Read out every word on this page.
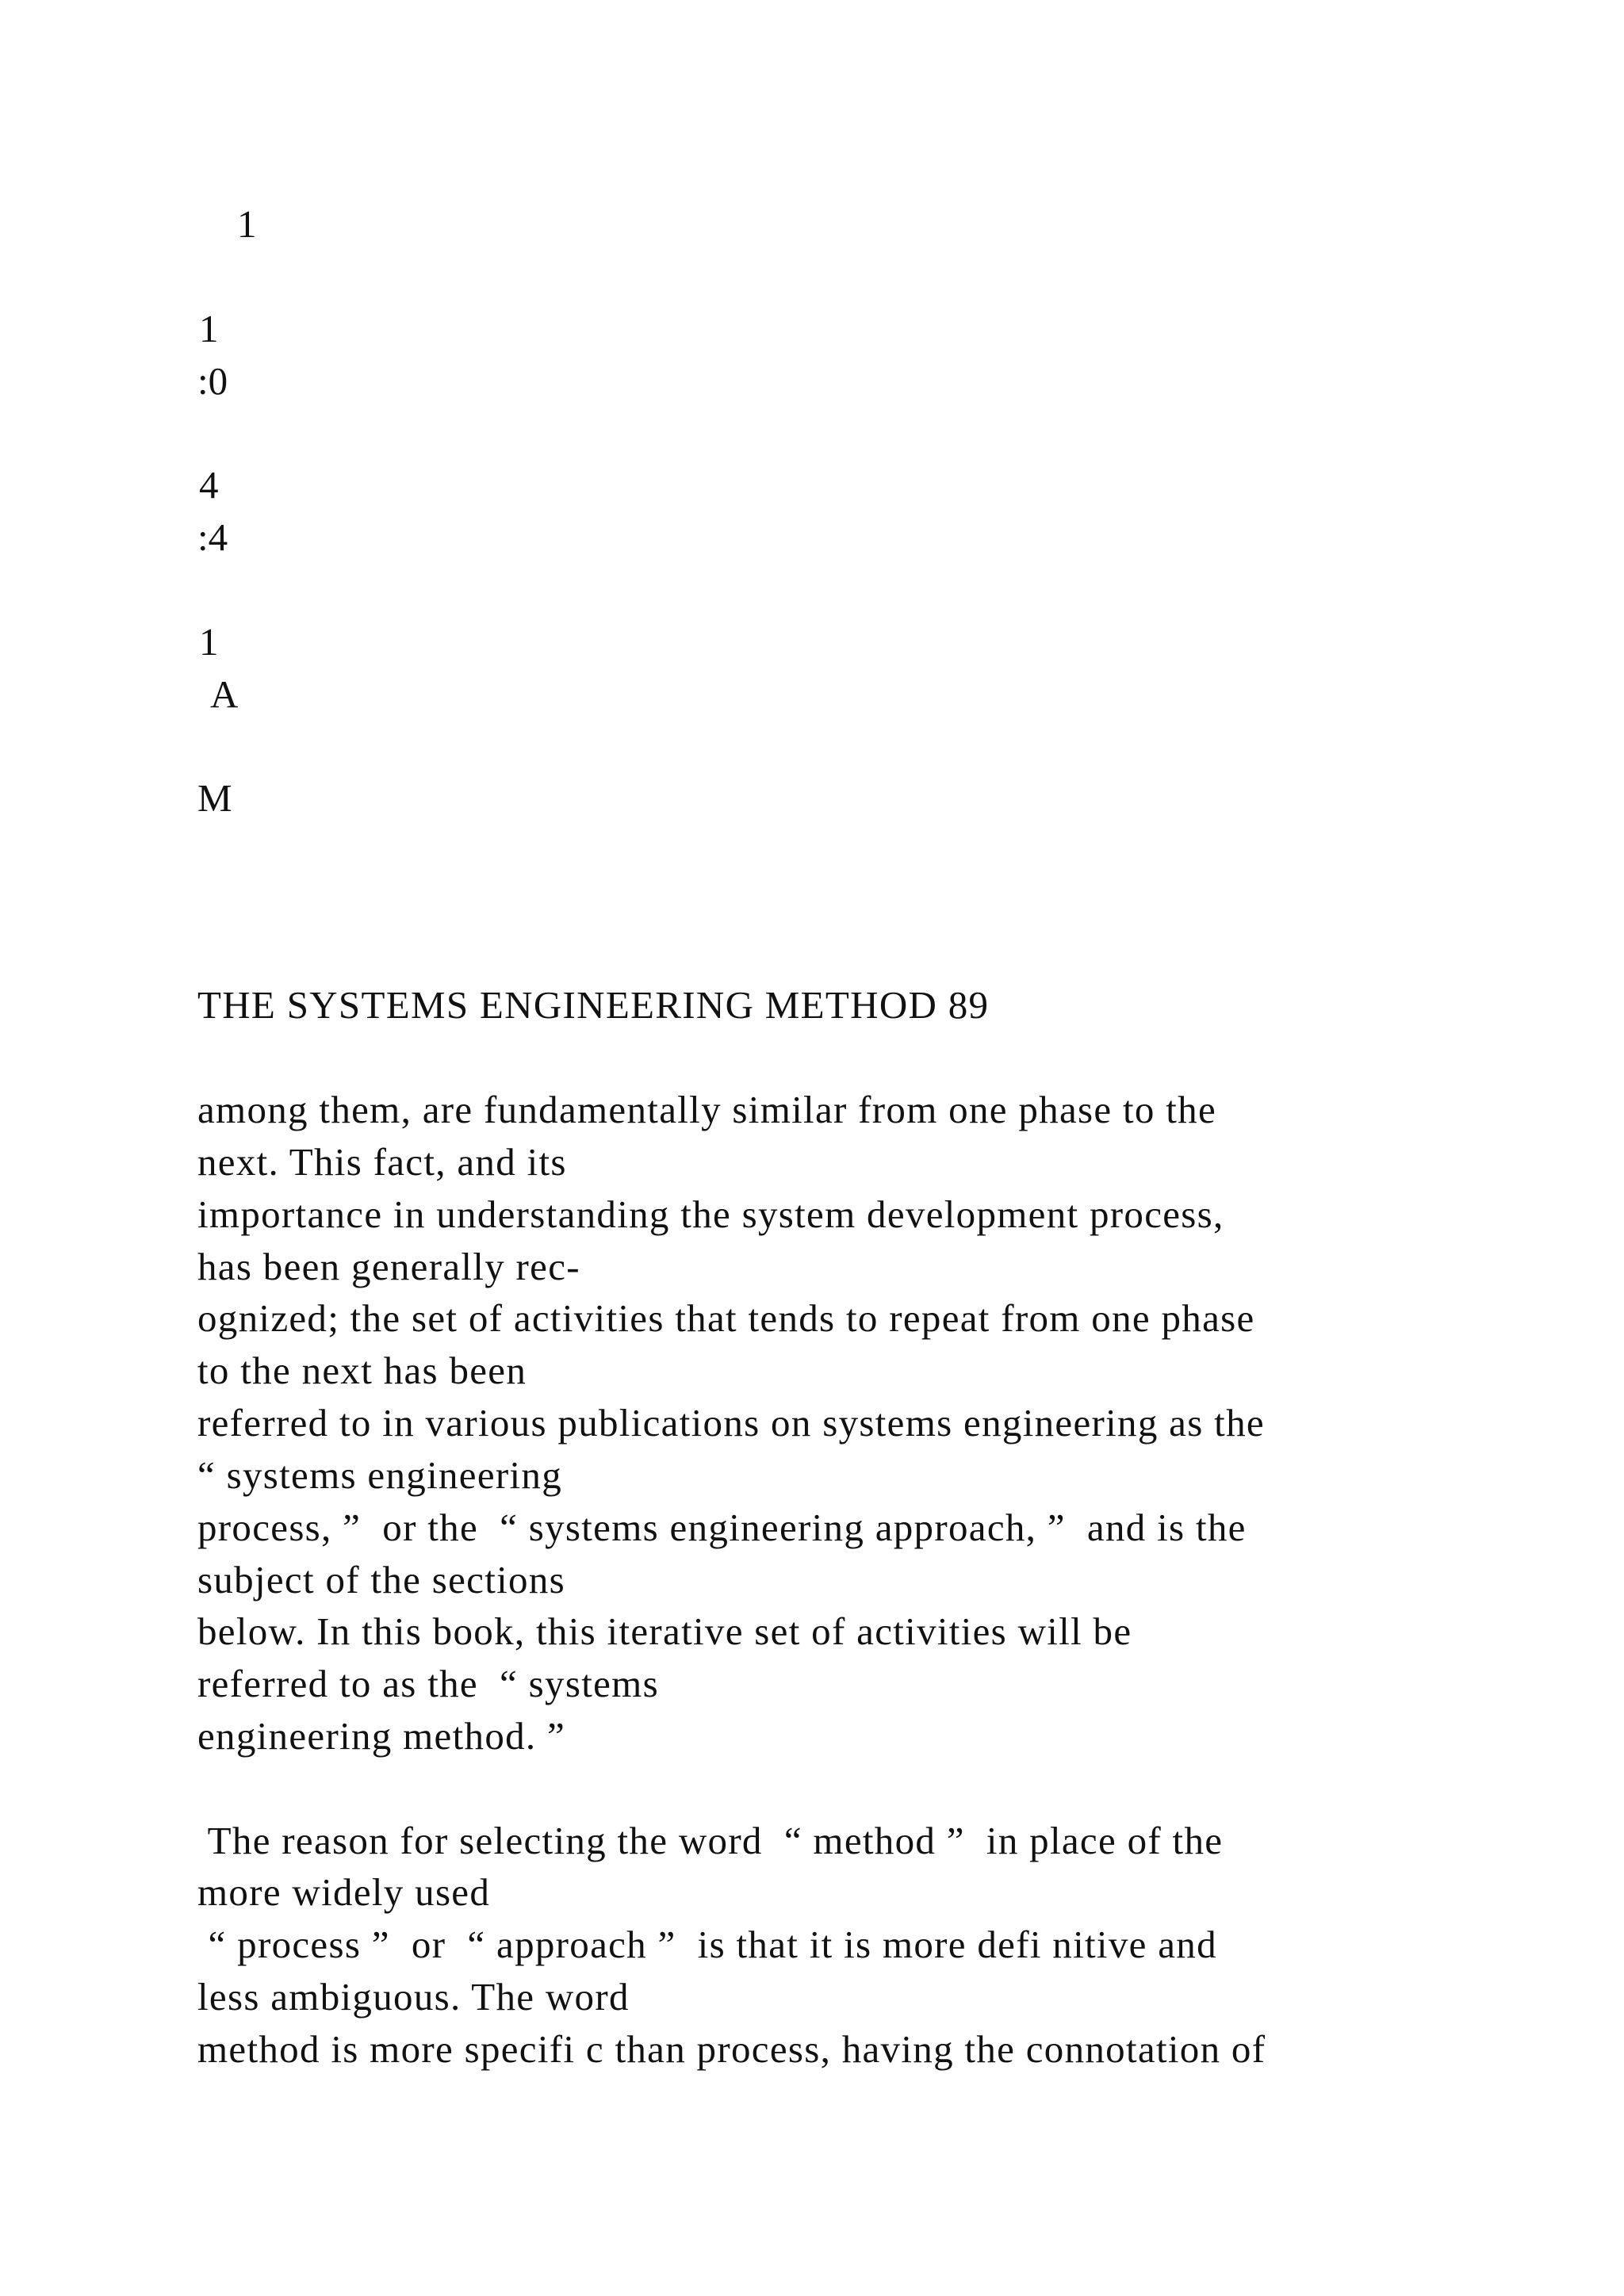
1
1
:0
4
:4
1
A
M
THE SYSTEMS ENGINEERING METHOD 89
among them, are fundamentally similar from one phase to the
next. This fact, and its
importance in understanding the system development process,
has been generally rec-
ognized; the set of activities that tends to repeat from one phase
to the next has been
referred to in various publications on systems engineering as the
“ systems engineering
process, ”  or the  “ systems engineering approach, ”  and is the
subject of the sections
below. In this book, this iterative set of activities will be
referred to as the  “ systems
engineering method. ”
The reason for selecting the word  “ method ”  in place of the
more widely used
“ process ”  or  “ approach ”  is that it is more defi nitive and
less ambiguous. The word
method is more specifi c than process, having the connotation of
